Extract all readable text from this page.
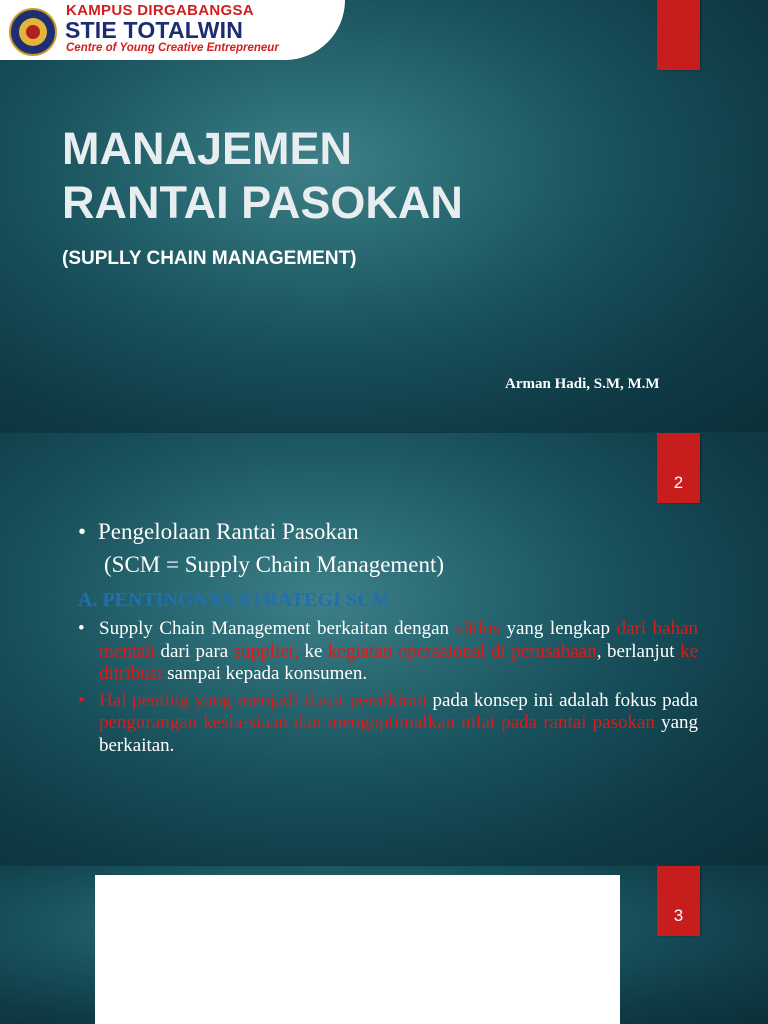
KAMPUS DIRGABANGSA
STIE TOTALWIN
Centre of Young Creative Entrepreneur
MANAJEMEN
RANTAI PASOKAN
(SUPLLY CHAIN MANAGEMENT)
Arman Hadi, S.M, M.M
2
• Pengelolaan Rantai Pasokan
(SCM = Supply Chain Management)
A. PENTINGNYA STRATEGI SCM
• Supply Chain Management berkaitan dengan siklus yang lengkap dari bahan mentah dari para supplier, ke kegiatan operasional di perusahaan, berlanjut ke ditribusi sampai kepada konsumen.
• Hal penting yang menjadi dasar pemikiran pada konsep ini adalah fokus pada pengurangan kesia-siaan dan mengoptimalkan nilai pada rantai pasokan yang berkaitan.
3
